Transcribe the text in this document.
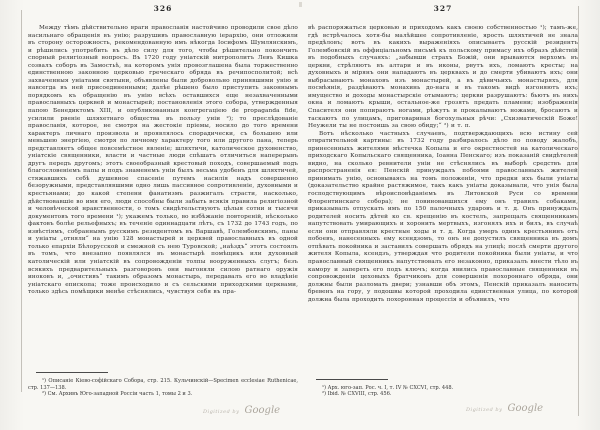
326

Между тѣмъ дѣйствительно враги православія настойчиво проводили свое дѣло насильнаго обращенія въ унію; разрушивъ православную іерархію, они отложили въ сторону осторожность, рекомендованную имъ нѣкогда Іосифомъ Шумлянскимъ, и рѣшились употребить въ дѣло силу для того, чтобы рѣшительно покончить спорный религіозный вопросъ. Въ 1720 году уніатскій митрополитъ Левъ Кишка созвалъ соборъ въ Замостьѣ, на которомъ унія провозглашена была торжественно единственною законною церковью греческаго обряда въ речипосполитой; всѣ захваченныя уніатами святыни, объявлены были добровольно принявшими унію и навсегда въ ней присоединенными; далѣе рѣшено было приступить законнымъ порядкомъ къ обращенію въ унію всѣхъ оставшихся еще незахваченными православныхъ церквей и монастырей; постановленія этого собора, утвержденныя папою Бенедиктомъ XIII, и опубликованныя конгрегаціею de propaganda fide, усилили рвеніе шляхетнаго общества въ пользу уніи ²); то преслѣдованіе православія, которое, не смотря на жестокіе пріемы, носило до того времени характеръ личнаго произвола и проявлялось спорадически, съ большею или меньшею энергіею, смотря по личному характеру того или другого пана, теперь представляетъ общее повсемѣстное явленіе; шляхтичи, католическое духовенство, уніатскіе священники, власти и частные люди спѣшатъ отличиться наперерывъ другъ передъ другомъ; этотъ своеобразный крестовый походъ, совершаемый подъ благословеніемъ папы и подъ знаменемъ уніи былъ весьма удобенъ для шляхтичей, стяжавшихъ себѣ душевное спасеніе путемъ насилія надъ совершенно безоружными, представлявшими одно лишь пассивное сопротивленіе, духовными и крестьянами; до какой степени фанатизмъ разжигалъ страсти, насколько, дѣйствовавшіе во имя его, люди способны были забыть всякія правила религіозной и человѣческой нравственности, о томъ свидѣтельствуютъ цѣлыя сотни и тысячи документовъ того времени ¹); укажемъ только, во избѣжаніе повтореній, нѣсколько фактовъ болѣе рельефныхъ; въ теченіе одиннадцати лѣтъ, съ 1732 до 1743 годъ, по извѣстіямъ, собраннымъ русскимъ резидентомъ въ Варшавѣ, Голембовскимъ, паны и уніаты „отняли“ на унію 128 монастырей и церквей православныхъ въ одной только епархіи Бѣлорусской и смежной съ нею Туровской; „наѣздъ“ этотъ состоялъ въ томъ, что внезапно появлялся въ монастырѣ помѣщикъ или духовный католическій или уніатскій въ сопровожденіи толпы вооруженныхъ слугъ; безъ всякихъ предварительныхъ разговоровъ они выгоняли силою ратнаго оружія иноковъ и, „очистивъ“ такимъ образомъ монастырь, передавалъ его во владѣніе уніатскаго епископа; тоже происходило и съ сельскими приходскими церквами, только здѣсь помѣщики менѣе стѣснялись, чувствуя себя въ пра-

¹) Описаніе Кіево-софійскаго Собора, стр. 215. Кульчинскій—Specimen ecclesiae Ruthenicae, стр. 137—138.

²) См. Архивъ Юго-западной Россіи часть 1, томы 2 и 3.

327

вѣ распоряжаться церковью и приходомъ какъ своею собственностью ¹); тамъ-же, гдѣ встрѣчалось хотя-бы малѣйшее сопротивленіе, ярость шляхтичей не знала предѣловъ; вотъ въ какихъ выраженіяхъ описываетъ русскій резидентъ Голембовскій въ оффиціальномъ письмѣ къ польскому примасу ихъ образъ дѣйствій въ подобныхъ случаяхъ: „забывши страхъ Божій, они врываются верхомъ въ церкви, стрѣляютъ въ алтари и въ иконы, рвутъ ихъ, ломаютъ кресты; на духовныхъ и мірянъ они нападаютъ въ церквахъ и до смерти убиваютъ ихъ; они выбрасываютъ монаховъ изъ монастырей, а въ дѣвичьихъ монастыряхъ, для посмѣянія, раздѣваютъ монахинь до-нага и въ такомъ видѣ изгоняютъ ихъ; имущество и доходы монастырскіе отымаютъ; церкви разрушаютъ: бьютъ въ нихъ окна и ломаютъ крыши, остальное-же грозятъ предать пламени; изображенія Спасителя они попираютъ ногами, рѣжутъ и прокалываютъ ножами, бросаютъ и таскаютъ по улицамъ, приговаривая богохульныя рѣчи: „Схизматическій Боже! Неужели ты не постоишь за свою обиду;“ ²) и т. п.

Вотъ нѣсколько частныхъ случаевъ, подтверждающихъ всю истину сей отвратительной картины: въ 1732 году разбиралось дѣло по поводу жалобъ, принесенныхъ жителями мѣстечка Копыла и его окрестностей на католическаго приходскаго Копыльскаго священника, Іоанна Пенскаго; изъ показаній свидѣтелей видно, на сколько ревнители уніи не стѣснялись въ выборѣ средствъ для распространенія ея: Пенскій принуждалъ побоями православныхъ жителей принимать унію, основываясь на томъ положеніи, что предки ихъ были уніаты (доказательство крайне растяжимое, такъ какъ уніаты доказывали, что унія была господствующимъ вѣроисповѣданіемъ въ Литовской Руси со времени Флорентинскаго собора); не повиновавшихся ему онъ травилъ собаками, приказывалъ отпускать имъ по 150 палочныхъ ударовъ и т. д. Онъ принуждалъ родителей носить дѣтей ко св. крещенію въ костелъ, запрещалъ священникамъ напутствовать умирающихъ и хоронить мертвыхъ, изгонялъ ихъ и билъ, въ случаѣ если они отправляли крестные ходы и т. д. Когда умеръ одинъ крестьянинъ отъ побоевъ, нанесенныхъ ему ксендзомъ, то онъ не допустилъ священника въ домъ отпѣвать покойника и заставилъ совершать обрядъ на улицѣ; послѣ смерти другого жителя Копыла, ксендзъ, утверждая что родители покойника были уніаты, и что православный священникъ напутствовалъ его незаконно, приказалъ внести тѣло въ камору и запереть его подъ ключъ; когда явились православные священники въ сопровожденіи цеховыхъ братчиковъ для совершенія похороннаго обряда, они должны были разломать двери; узнавши объ этомъ, Пенскій приказалъ наносить бревенъ на гору, у подошвы которой проходила единственная улица, по которой должна была проходить похоронная процессія и объявилъ, что

¹) Арх. юго-зап. Рос. ч. I, т. IV № CXCVI, стр. 448.

²) Ibid. № CXVIII, стр. 456.

Digitized by Google	Digitized by Google
